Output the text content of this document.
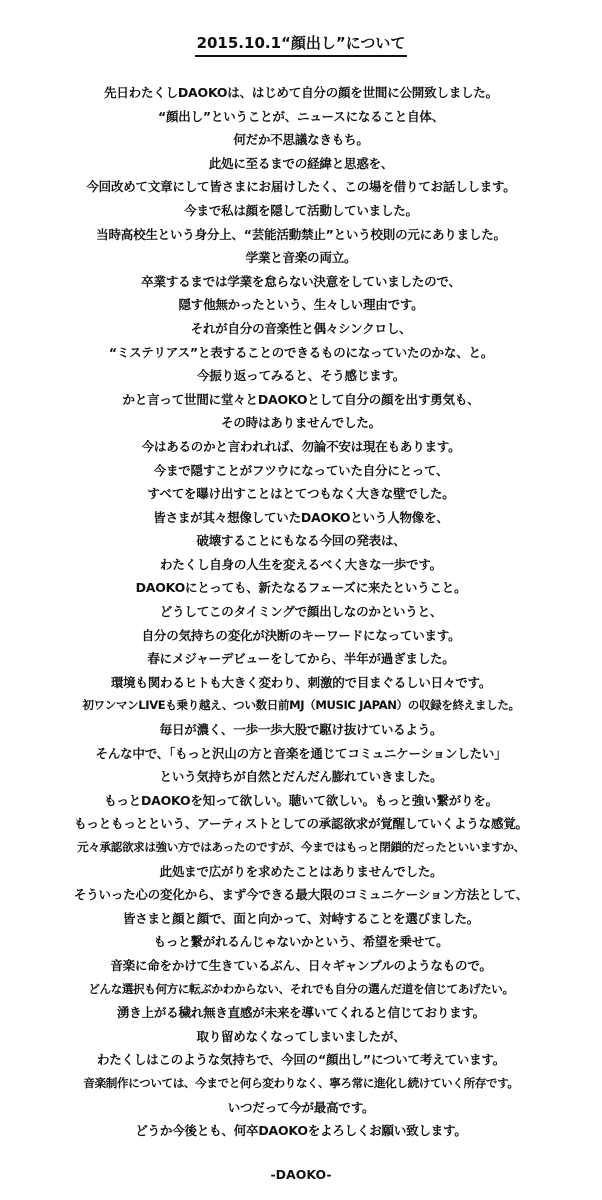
2015.10.1“顔出し”について
先日わたくしDAOKOは、はじめて自分の顔を世間に公開致しました。
“顔出し”ということが、ニュースになること自体、
何だか不思議なきもち。
此処に至るまでの経緯と思惑を、
今回改めて文章にして皆さまにお届けしたく、この場を借りてお話しします。
今まで私は顔を隠して活動していました。
当時高校生という身分上、“芸能活動禁止”という校則の元にありました。
学業と音楽の両立。
卒業するまでは学業を怠らない決意をしていましたので、
隠す他無かったという、生々しい理由です。
それが自分の音楽性と偶々シンクロし、
“ミステリアス”と表することのできるものになっていたのかな、と。
今振り返ってみると、そう感じます。
かと言って世間に堂々とDAOKOとして自分の顔を出す勇気も、
その時はありませんでした。
今はあるのかと言われれば、勿論不安は現在もあります。
今まで隠すことがフツウになっていた自分にとって、
すべてを曝け出すことはとてつもなく大きな壁でした。
皆さまが其々想像していたDAOKOという人物像を、
破壊することにもなる今回の発表は、
わたくし自身の人生を変えるべく大きな一歩です。
DAOKOにとっても、新たなるフェーズに来たということ。
どうしてこのタイミングで顔出しなのかというと、
自分の気持ちの変化が決断のキーワードになっています。
春にメジャーデビューをしてから、半年が過ぎました。
環境も関わるヒトも大きく変わり、刺激的で目まぐるしい日々です。
初ワンマンLIVEも乗り越え、つい数日前MJ（MUSIC JAPAN）の収録を終えました。
毎日が濃く、一歩一歩大股で駆け抜けているよう。
そんな中で、「もっと沢山の方と音楽を通じてコミュニケーションしたい」
という気持ちが自然とだんだん膨れていきました。
もっとDAOKOを知って欲しい。聴いて欲しい。もっと強い繋がりを。
もっともっとという、アーティストとしての承認欲求が覚醒していくような感覚。
元々承認欲求は強い方ではあったのですが、今まではもっと閉鎖的だったといいますか、
此処まで広がりを求めたことはありませんでした。
そういった心の変化から、まず今できる最大限のコミュニケーション方法として、
皆さまと顔と顔で、面と向かって、対峙することを選びました。
もっと繋がれるんじゃないかという、希望を乗せて。
音楽に命をかけて生きているぶん、日々ギャンブルのようなもので。
どんな選択も何方に転ぶかわからない、それでも自分の選んだ道を信じてあげたい。
湧き上がる穢れ無き直感が未来を導いてくれると信じております。
取り留めなくなってしまいましたが、
わたくしはこのような気持ちで、今回の“顔出し”について考えています。
音楽制作については、今までと何ら変わりなく、寧ろ常に進化し続けていく所存です。
いつだって今が最高です。
どうか今後とも、何卒DAOKOをよろしくお願い致します。
-DAOKO-
